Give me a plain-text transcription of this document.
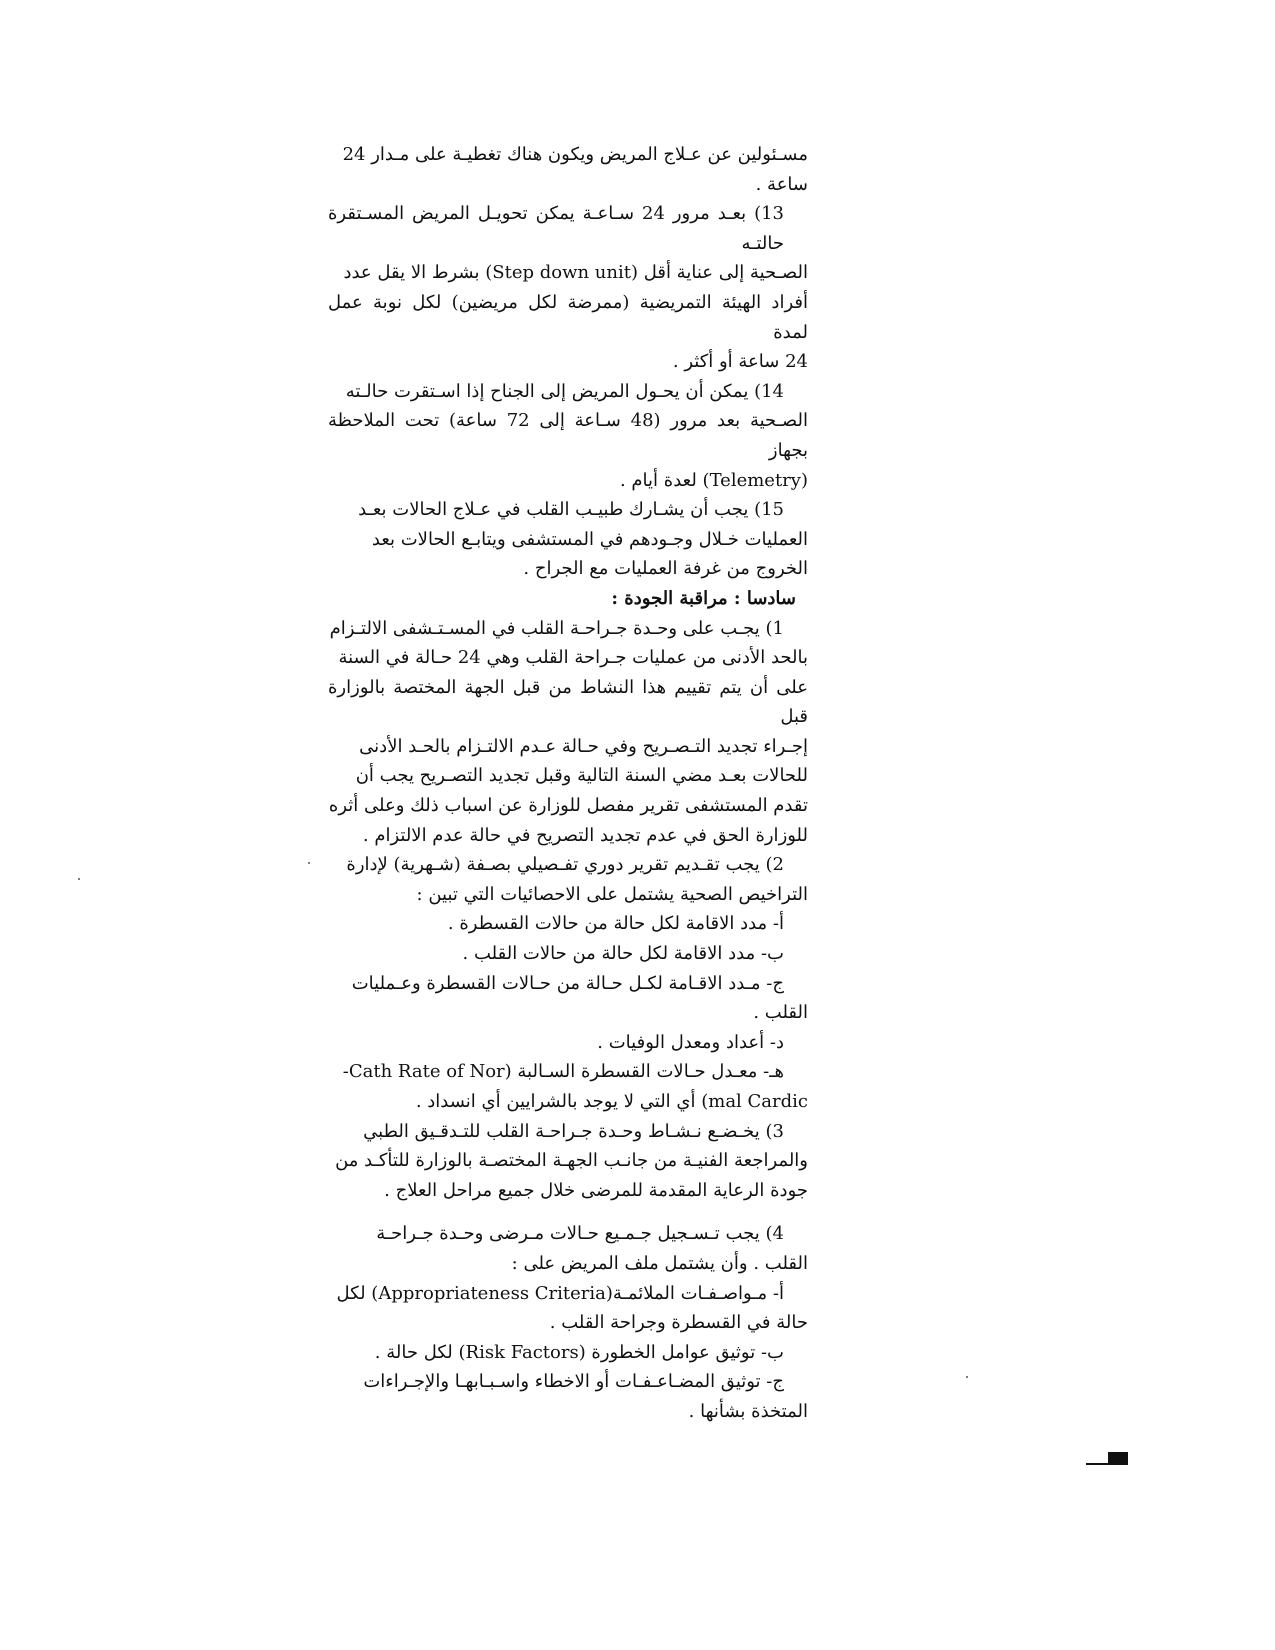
مسـئولين عن عـلاج المريض ويكون هناك تغطيـة على مـدار 24

ساعة .

13) بعـد مرور 24 سـاعـة يمكن تحويـل المريض المسـتقرة حالتـه

الصـحية إلى عناية أقل (Step down unit) بشرط الا يقل عدد

أفراد الهيئة التمريضية (ممرضة لكل مريضين) لكل نوبة عمل لمدة

24 ساعة أو أكثر .

14) يمكن أن يحـول المريض إلى الجناح إذا اسـتقرت حالـته

الصـحية بعد مرور (48 سـاعة إلى 72 ساعة) تحت الملاحظة بجهاز

(Telemetry) لعدة أيام .

15) يجب أن يشـارك طبيـب القلب في عـلاج الحالات بعـد

العمليات خـلال وجـودهم في المستشفى ويتابـع الحالات بعد

الخروج من غرفة العمليات مع الجراح .

سادسا : مراقبة الجودة :

1) يجـب على وحـدة جـراحـة القلب في المسـتـشفى الالتـزام

بالحد الأدنى من عمليات جـراحة القلب وهي 24 حـالة في السنة

على أن يتم تقييم هذا النشاط من قبل الجهة المختصة بالوزارة قبل

إجـراء تجديد التـصـريح وفي حـالة عـدم الالتـزام بالحـد الأدنى

للحالات بعـد مضي السنة التالية وقبل تجديد التصـريح يجب أن

تقدم المستشفى تقرير مفصل للوزارة عن اسباب ذلك وعلى أثره

للوزارة الحق في عدم تجديد التصريح في حالة عدم الالتزام .

2) يجب تقـديم تقرير دوري تفـصيلي بصـفة (شـهرية) لإدارة

التراخيص الصحية يشتمل على الاحصائيات التي تبين :

أ- مدد الاقامة لكل حالة من حالات القسطرة .

ب- مدد الاقامة لكل حالة من حالات القلب .

ج- مـدد الاقـامة لكـل حـالة من حـالات القسطرة وعـمليات

القلب .

د- أعداد ومعدل الوفيات .

هـ- معـدل حـالات القسطرة السـالبة (Cath Rate of Nor-

mal Cardic) أي التي لا يوجد بالشرايين أي انسداد .

3) يخـضـع نـشـاط وحـدة جـراحـة القلب للتـدقـيق الطبي

والمراجعة الفنيـة من جانـب الجهـة المختصـة بالوزارة للتأكـد من

جودة الرعاية المقدمة للمرضى خلال جميع مراحل العلاج .

4) يجب تـسـجيل جـمـيع حـالات مـرضى وحـدة جـراحـة

القلب . وأن يشتمل ملف المريض على :

أ- مـواصـفـات الملائمـة(Appropriateness Criteria) لكل

حالة في القسطرة وجراحة القلب .

ب- توثيق عوامل الخطورة (Risk Factors) لكل حالة .

ج- توثيق المضـاعـفـات أو الاخطاء واسـبـابهـا والإجـراءات

المتخذة بشأنها .
